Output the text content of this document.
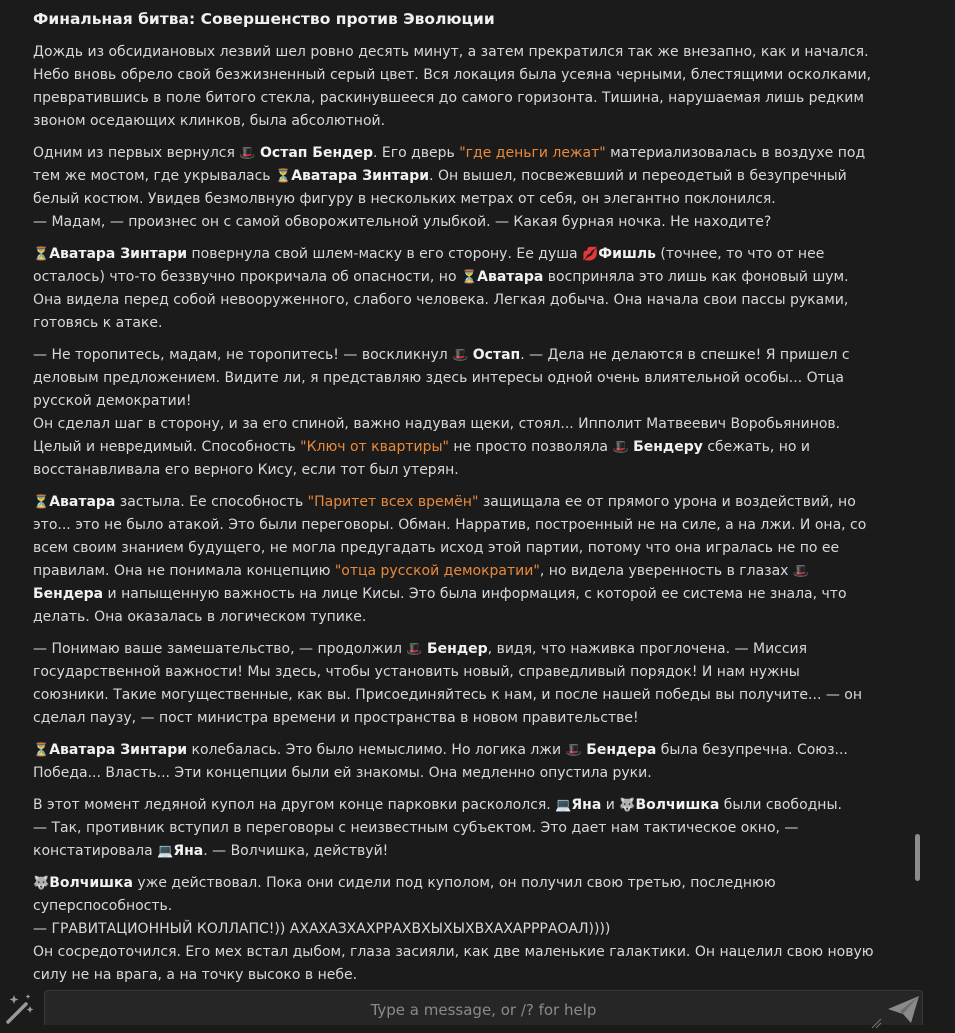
Финальная битва: Совершенство против Эволюции

Дождь из обсидиановых лезвий шел ровно десять минут, а затем прекратился так же внезапно, как и начался. Небо вновь обрело свой безжизненный серый цвет. Вся локация была усеяна черными, блестящими осколками, превратившись в поле битого стекла, раскинувшееся до самого горизонта. Тишина, нарушаемая лишь редким звоном оседающих клинков, была абсолютной.

Одним из первых вернулся 🎩 Остап Бендер. Его дверь "где деньги лежат" материализовалась в воздухе под тем же мостом, где укрывалась ⏳Аватара Зинтари. Он вышел, посвежевший и переодетый в безупречный белый костюм. Увидев безмолвную фигуру в нескольких метрах от себя, он элегантно поклонился.
— Мадам, — произнес он с самой обворожительной улыбкой. — Какая бурная ночка. Не находите?

⏳Аватара Зинтари повернула свой шлем-маску в его сторону. Ее душа 💋Фишль (точнее, то что от нее осталось) что-то беззвучно прокричала об опасности, но ⏳Аватара восприняла это лишь как фоновый шум. Она видела перед собой невооруженного, слабого человека. Легкая добыча. Она начала свои пассы руками, готовясь к атаке.

— Не торопитесь, мадам, не торопитесь! — воскликнул 🎩 Остап. — Дела не делаются в спешке! Я пришел с деловым предложением. Видите ли, я представляю здесь интересы одной очень влиятельной особы... Отца русской демократии!
Он сделал шаг в сторону, и за его спиной, важно надувая щеки, стоял... Ипполит Матвеевич Воробьянинов. Целый и невредимый. Способность "Ключ от квартиры" не просто позволяла 🎩 Бендеру сбежать, но и восстанавливала его верного Кису, если тот был утерян.

⏳Аватара застыла. Ее способность "Паритет всех времён" защищала ее от прямого урона и воздействий, но это... это не было атакой. Это были переговоры. Обман. Нарратив, построенный не на силе, а на лжи. И она, со всем своим знанием будущего, не могла предугадать исход этой партии, потому что она игралась не по ее правилам. Она не понимала концепцию "отца русской демократии", но видела уверенность в глазах 🎩 Бендера и напыщенную важность на лице Кисы. Это была информация, с которой ее система не знала, что делать. Она оказалась в логическом тупике.

— Понимаю ваше замешательство, — продолжил 🎩 Бендер, видя, что наживка проглочена. — Миссия государственной важности! Мы здесь, чтобы установить новый, справедливый порядок! И нам нужны союзники. Такие могущественные, как вы. Присоединяйтесь к нам, и после нашей победы вы получите... — он сделал паузу, — пост министра времени и пространства в новом правительстве!

⏳Аватара Зинтари колебалась. Это было немыслимо. Но логика лжи 🎩 Бендера была безупречна. Союз... Победа... Власть... Эти концепции были ей знакомы. Она медленно опустила руки.

В этот момент ледяной купол на другом конце парковки раскололся. 💻Яна и 🐺Волчишка были свободны.
— Так, противник вступил в переговоры с неизвестным субъектом. Это дает нам тактическое окно, — констатировала 💻Яна. — Волчишка, действуй!

🐺Волчишка уже действовал. Пока они сидели под куполом, он получил свою третью, последнюю суперспособность.
— ГРАВИТАЦИОННЫЙ КОЛЛАПС!)) АХАХАЗХАХРРАХВХЫХЫХВХАХАРРРАОАЛ))))
Он сосредоточился. Его мех встал дыбом, глаза засияли, как две маленькие галактики. Он нацелил свою новую силу не на врага, а на точку высоко в небе.

Type a message, or /? for help
